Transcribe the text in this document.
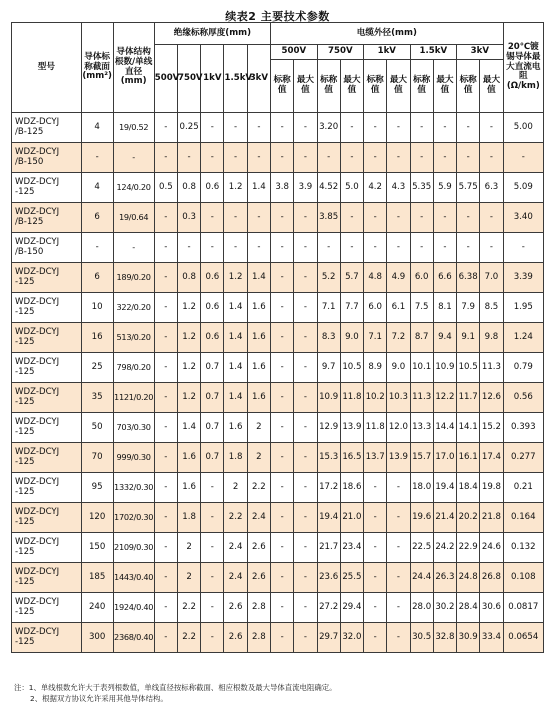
续表2 主要技术参数
型号	导体标称截面(mm²)	导体结构根数/单线直径(mm)	绝缘标称厚度(mm)					电缆外径(mm)										20℃镀锡导体最大直流电阻(Ω/km)
			500V	750V	1kV	1.5kV	3kV	500V		750V		1kV		1.5kV		3kV		
								标称值	最大值	标称值	最大值	标称值	最大值	标称值	最大值	标称值	最大值	

WDZ-DCYJ
/B-125	4	19/0.52	-	0.25	-	-	-	-	-	3.20	-	-	-	-	-	-	-	5.00

WDZ-DCYJ
/B-150	-	-	-	-	-	-	-	-	-	-	-	-	-	-	-	-	-	-

WDZ-DCYJ
-125	4	124/0.20	0.5	0.8	0.6	1.2	1.4	3.8	3.9	4.52	5.0	4.2	4.3	5.35	5.9	5.75	6.3	5.09

WDZ-DCYJ
/B-125	6	19/0.64	-	0.3	-	-	-	-	-	3.85	-	-	-	-	-	-	-	3.40

WDZ-DCYJ
/B-150	-	-	-	-	-	-	-	-	-	-	-	-	-	-	-	-	-	-

WDZ-DCYJ
-125	6	189/0.20	-	0.8	0.6	1.2	1.4	-	-	5.2	5.7	4.8	4.9	6.0	6.6	6.38	7.0	3.39

WDZ-DCYJ
-125	10	322/0.20	-	1.2	0.6	1.4	1.6	-	-	7.1	7.7	6.0	6.1	7.5	8.1	7.9	8.5	1.95

WDZ-DCYJ
-125	16	513/0.20	-	1.2	0.6	1.4	1.6	-	-	8.3	9.0	7.1	7.2	8.7	9.4	9.1	9.8	1.24

WDZ-DCYJ
-125	25	798/0.20	-	1.2	0.7	1.4	1.6	-	-	9.7	10.5	8.9	9.0	10.1	10.9	10.5	11.3	0.79

WDZ-DCYJ
-125	35	1121/0.20	-	1.2	0.7	1.4	1.6	-	-	10.9	11.8	10.2	10.3	11.3	12.2	11.7	12.6	0.56

WDZ-DCYJ
-125	50	703/0.30	-	1.4	0.7	1.6	2	-	-	12.9	13.9	11.8	12.0	13.3	14.4	14.1	15.2	0.393

WDZ-DCYJ
-125	70	999/0.30	-	1.6	0.7	1.8	2	-	-	15.3	16.5	13.7	13.9	15.7	17.0	16.1	17.4	0.277

WDZ-DCYJ
-125	95	1332/0.30	-	1.6	-	2	2.2	-	-	17.2	18.6	-	-	18.0	19.4	18.4	19.8	0.21

WDZ-DCYJ
-125	120	1702/0.30	-	1.8	-	2.2	2.4	-	-	19.4	21.0	-	-	19.6	21.4	20.2	21.8	0.164

WDZ-DCYJ
-125	150	2109/0.30	-	2	-	2.4	2.6	-	-	21.7	23.4	-	-	22.5	24.2	22.9	24.6	0.132

WDZ-DCYJ
-125	185	1443/0.40	-	2	-	2.4	2.6	-	-	23.6	25.5	-	-	24.4	26.3	24.8	26.8	0.108

WDZ-DCYJ
-125	240	1924/0.40	-	2.2	-	2.6	2.8	-	-	27.2	29.4	-	-	28.0	30.2	28.4	30.6	0.0817

WDZ-DCYJ
-125	300	2368/0.40	-	2.2	-	2.6	2.8	-	-	29.7	32.0	-	-	30.5	32.8	30.9	33.4	0.0654
注：1、单线根数允许大于表列根数值，单线直径按标称截面、相应根数及最大导体直流电阻确定。
2、根据双方协议允许采用其他导体结构。
